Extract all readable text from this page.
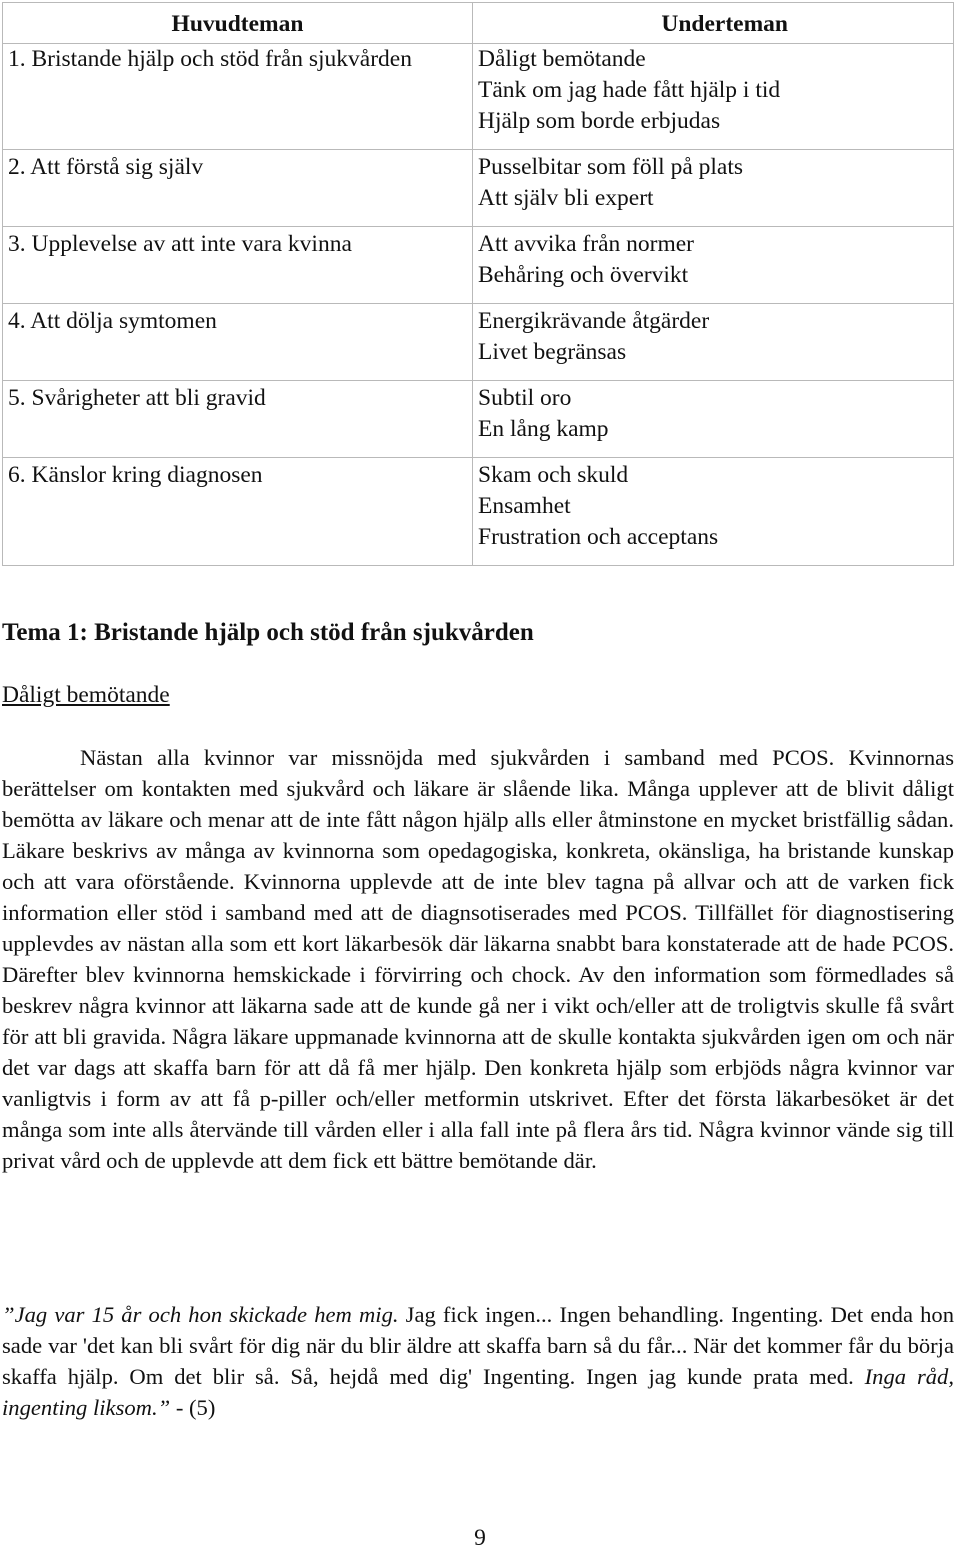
Huvudteman	Underteman
1. Bristande hjälp och stöd från sjukvården	Dåligt bemötande
Tänk om jag hade fått hjälp i tid
Hjälp som borde erbjudas

2. Att förstå sig själv	Pusselbitar som föll på plats
Att själv bli expert

3. Upplevelse av att inte vara kvinna	Att avvika från normer
Behåring och övervikt

4. Att dölja symtomen	Energikrävande åtgärder
Livet begränsas

5. Svårigheter att bli gravid	Subtil oro
En lång kamp

6. Känslor kring diagnosen	Skam och skuld
Ensamhet
Frustration och acceptans
Tema 1: Bristande hjälp och stöd från sjukvården
Dåligt bemötande

Nästan alla kvinnor var missnöjda med sjukvården i samband med PCOS. Kvinnornas berättelser om kontakten med sjukvård och läkare är slående lika. Många upplever att de blivit dåligt bemötta av läkare och menar att de inte fått någon hjälp alls eller åtminstone en mycket bristfällig sådan. Läkare beskrivs av många av kvinnorna som opedagogiska, konkreta, okänsliga, ha bristande kunskap och att vara oförstående. Kvinnorna upplevde att de inte blev tagna på allvar och att de varken fick information eller stöd i samband med att de diagnsotiserades med PCOS. Tillfället för diagnostisering upplevdes av nästan alla som ett kort läkarbesök där läkarna snabbt bara konstaterade att de hade PCOS. Därefter blev kvinnorna hemskickade i förvirring och chock. Av den information som förmedlades så beskrev några kvinnor att läkarna sade att de kunde gå ner i vikt och/eller att de troligtvis skulle få svårt för att bli gravida. Några läkare uppmanade kvinnorna att de skulle kontakta sjukvården igen om och när det var dags att skaffa barn för att då få mer hjälp. Den konkreta hjälp som erbjöds några kvinnor var vanligtvis i form av att få p-piller och/eller metformin utskrivet. Efter det första läkarbesöket är det många som inte alls återvände till vården eller i alla fall inte på flera års tid. Några kvinnor vände sig till privat vård och de upplevde att dem fick ett bättre bemötande där.

”Jag var 15 år och hon skickade hem mig. Jag fick ingen... Ingen behandling. Ingenting. Det enda hon sade var 'det kan bli svårt för dig när du blir äldre att skaffa barn så du får... När det kommer får du börja skaffa hjälp. Om det blir så. Så, hejdå med dig' Ingenting. Ingen jag kunde prata med. Inga råd, ingenting liksom.” - (5)

9
